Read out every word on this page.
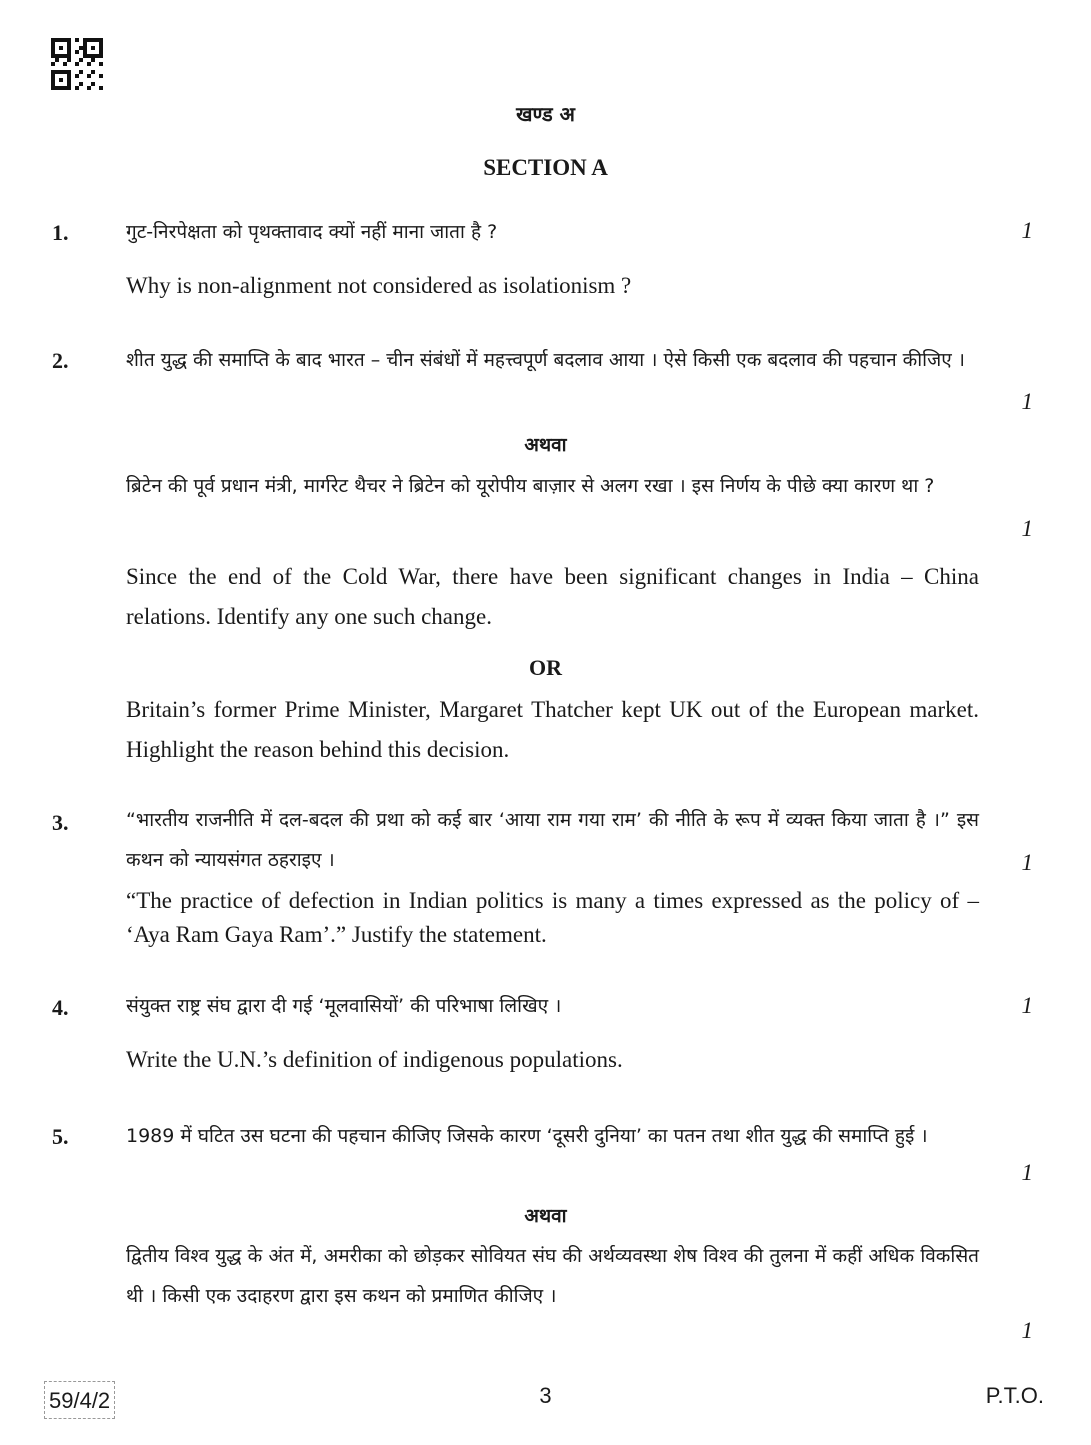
खण्ड अ
SECTION A
1.	गुट-निरपेक्षता को पृथक्तावाद क्यों नहीं माना जाता है ?	1
Why is non-alignment not considered as isolationism ?
2.	शीत युद्ध की समाप्ति के बाद भारत – चीन संबंधों में महत्त्वपूर्ण बदलाव आया । ऐसे किसी एक बदलाव की पहचान कीजिए ।
1
अथवा
ब्रिटेन की पूर्व प्रधान मंत्री, मार्गरेट थैचर ने ब्रिटेन को यूरोपीय बाज़ार से अलग रखा । इस निर्णय के पीछे क्या कारण था ?
1
Since the end of the Cold War, there have been significant changes in India – China relations. Identify any one such change.
OR
Britain’s former Prime Minister, Margaret Thatcher kept UK out of the European market. Highlight the reason behind this decision.
3.	“भारतीय राजनीति में दल-बदल की प्रथा को कई बार ‘आया राम गया राम’ की नीति के रूप में व्यक्त किया जाता है ।” इस कथन को न्यायसंगत ठहराइए ।	1
“The practice of defection in Indian politics is many a times expressed as the policy of – ‘Aya Ram Gaya Ram’.” Justify the statement.
4.	संयुक्त राष्ट्र संघ द्वारा दी गई ‘मूलवासियों’ की परिभाषा लिखिए ।	1
Write the U.N.’s definition of indigenous populations.
5.	1989 में घटित उस घटना की पहचान कीजिए जिसके कारण ‘दूसरी दुनिया’ का पतन तथा शीत युद्ध की समाप्ति हुई ।
1
अथवा
द्वितीय विश्व युद्ध के अंत में, अमरीका को छोड़कर सोवियत संघ की अर्थव्यवस्था शेष विश्व की तुलना में कहीं अधिक विकसित थी । किसी एक उदाहरण द्वारा इस कथन को प्रमाणित कीजिए ।
1
59/4/2	3	P.T.O.
